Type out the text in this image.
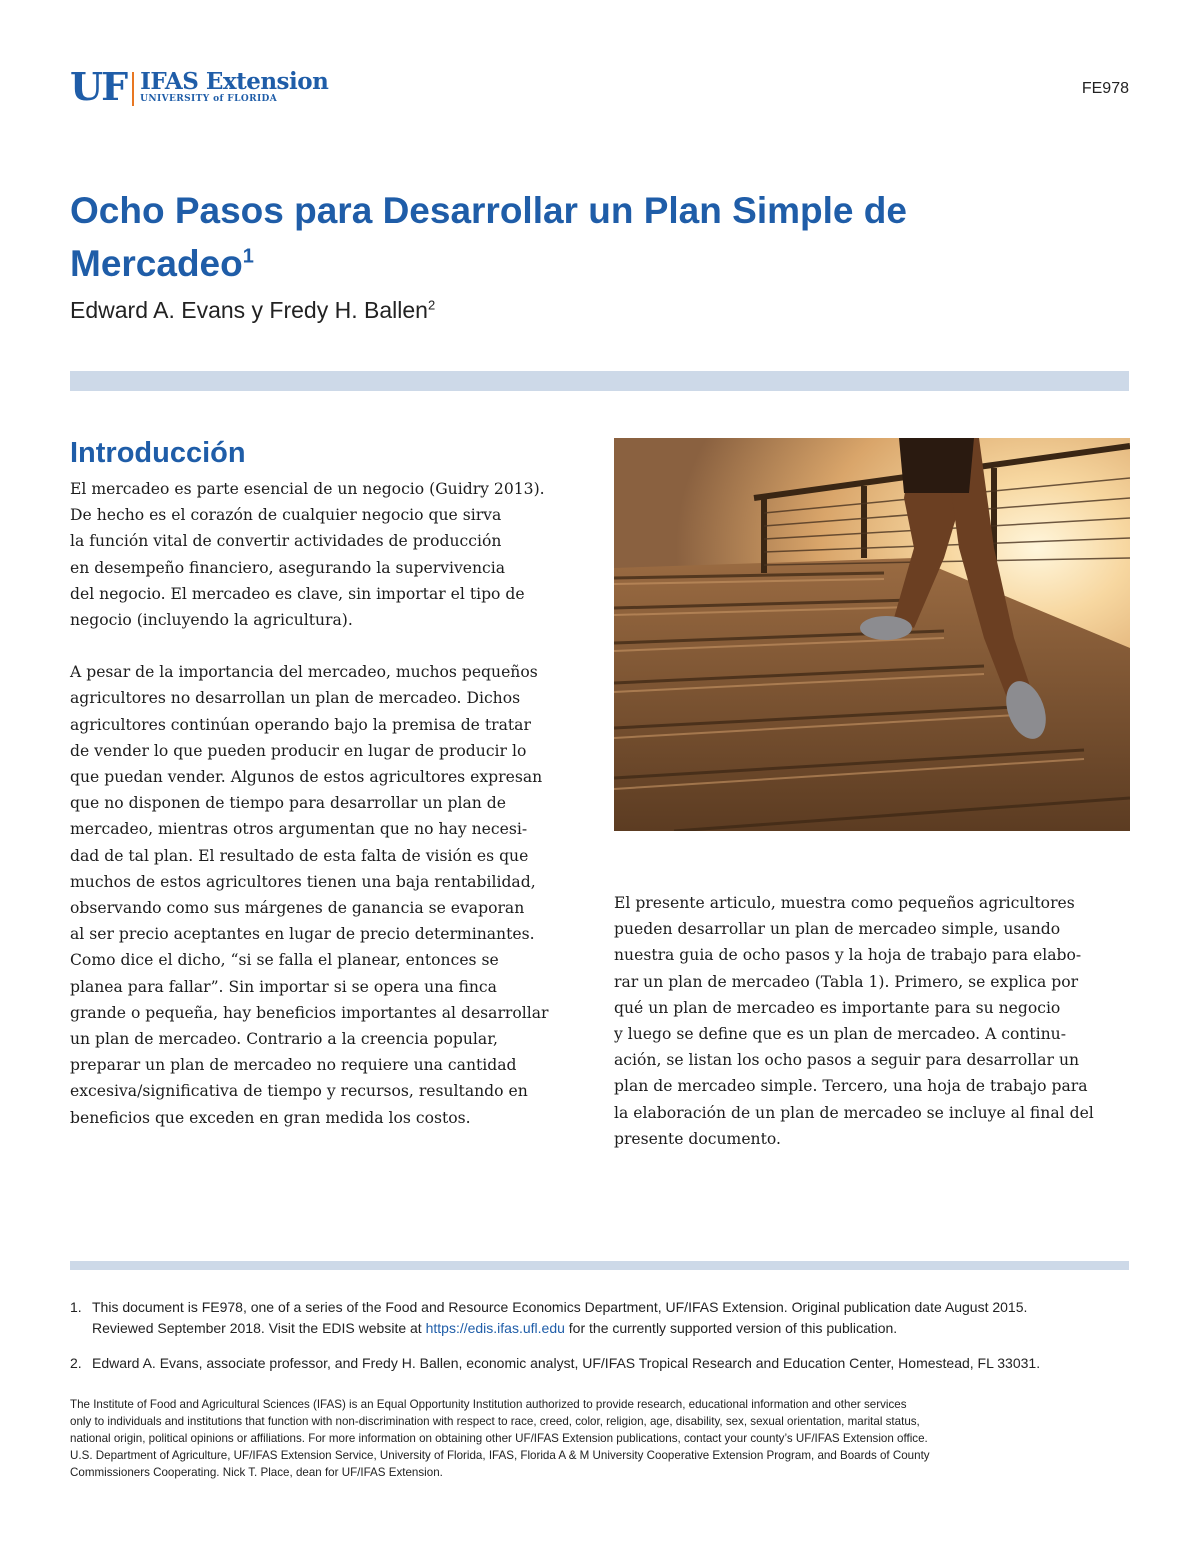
UF IFAS Extension
UNIVERSITY of FLORIDA
FE978
Ocho Pasos para Desarrollar un Plan Simple de
Mercadeo$^1$
Edward A. Evans y Fredy H. Ballen$^2$
Introducción
El mercadeo es parte esencial de un negocio (Guidry 2013).
De hecho es el corazón de cualquier negocio que sirva
la función vital de convertir actividades de producción
en desempeño financiero, asegurando la supervivencia
del negocio. El mercadeo es clave, sin importar el tipo de
negocio (incluyendo la agricultura).
A pesar de la importancia del mercadeo, muchos pequeños
agricultores no desarrollan un plan de mercadeo. Dichos
agricultores continúan operando bajo la premisa de tratar
de vender lo que pueden producir en lugar de producir lo
que puedan vender. Algunos de estos agricultores expresan
que no disponen de tiempo para desarrollar un plan de
mercadeo, mientras otros argumentan que no hay necesi-
dad de tal plan. El resultado de esta falta de visión es que
muchos de estos agricultores tienen una baja rentabilidad,
observando como sus márgenes de ganancia se evaporan
al ser precio aceptantes en lugar de precio determinantes.
Como dice el dicho, “si se falla el planear, entonces se
planea para fallar”. Sin importar si se opera una finca
grande o pequeña, hay beneficios importantes al desarrollar
un plan de mercadeo. Contrario a la creencia popular,
preparar un plan de mercadeo no requiere una cantidad
excesiva/significativa de tiempo y recursos, resultando en
beneficios que exceden en gran medida los costos.
El presente articulo, muestra como pequeños agricultores
pueden desarrollar un plan de mercadeo simple, usando
nuestra guia de ocho pasos y la hoja de trabajo para elabo-
rar un plan de mercadeo (Tabla 1). Primero, se explica por
qué un plan de mercadeo es importante para su negocio
y luego se define que es un plan de mercadeo. A continu-
ación, se listan los ocho pasos a seguir para desarrollar un
plan de mercadeo simple. Tercero, una hoja de trabajo para
la elaboración de un plan de mercadeo se incluye al final del
presente documento.
1. This document is FE978, one of a series of the Food and Resource Economics Department, UF/IFAS Extension. Original publication date August 2015.
Reviewed September 2018. Visit the EDIS website at https://edis.ifas.ufl.edu for the currently supported version of this publication.
2. Edward A. Evans, associate professor, and Fredy H. Ballen, economic analyst, UF/IFAS Tropical Research and Education Center, Homestead, FL 33031.
The Institute of Food and Agricultural Sciences (IFAS) is an Equal Opportunity Institution authorized to provide research, educational information and other services
only to individuals and institutions that function with non-discrimination with respect to race, creed, color, religion, age, disability, sex, sexual orientation, marital status,
national origin, political opinions or affiliations. For more information on obtaining other UF/IFAS Extension publications, contact your county’s UF/IFAS Extension office.
U.S. Department of Agriculture, UF/IFAS Extension Service, University of Florida, IFAS, Florida A & M University Cooperative Extension Program, and Boards of County
Commissioners Cooperating. Nick T. Place, dean for UF/IFAS Extension.
